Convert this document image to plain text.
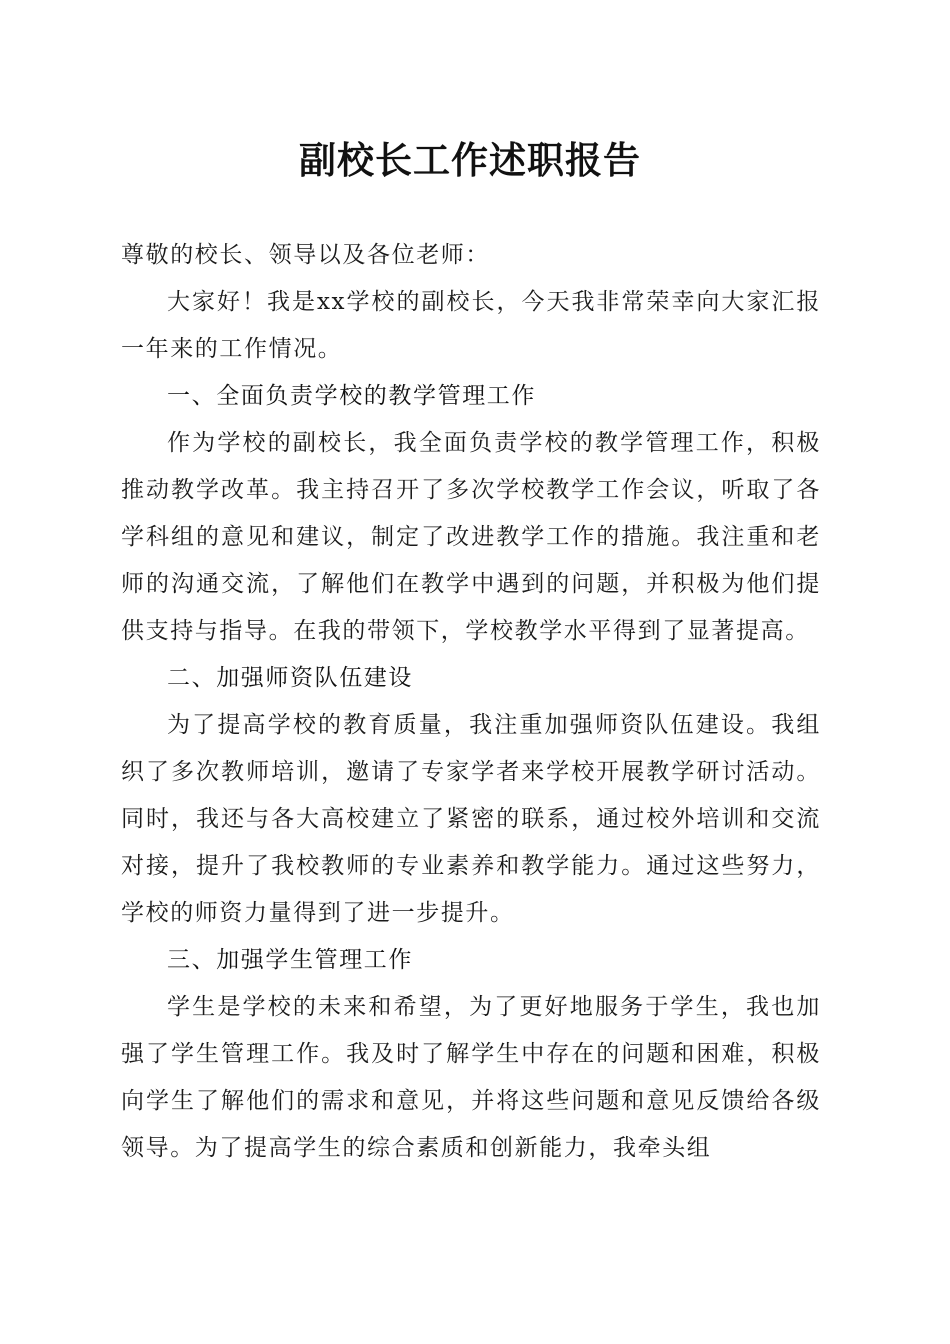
副校长工作述职报告

尊敬的校长、领导以及各位老师：

大家好！我是xx学校的副校长，今天我非常荣幸向大家汇报一年来的工作情况。

一、全面负责学校的教学管理工作

作为学校的副校长，我全面负责学校的教学管理工作，积极推动教学改革。我主持召开了多次学校教学工作会议，听取了各学科组的意见和建议，制定了改进教学工作的措施。我注重和老师的沟通交流，了解他们在教学中遇到的问题，并积极为他们提供支持与指导。在我的带领下，学校教学水平得到了显著提高。

二、加强师资队伍建设

为了提高学校的教育质量，我注重加强师资队伍建设。我组织了多次教师培训，邀请了专家学者来学校开展教学研讨活动。同时，我还与各大高校建立了紧密的联系，通过校外培训和交流对接，提升了我校教师的专业素养和教学能力。通过这些努力，学校的师资力量得到了进一步提升。

三、加强学生管理工作

学生是学校的未来和希望，为了更好地服务于学生，我也加强了学生管理工作。我及时了解学生中存在的问题和困难，积极向学生了解他们的需求和意见，并将这些问题和意见反馈给各级领导。为了提高学生的综合素质和创新能力，我牵头组
